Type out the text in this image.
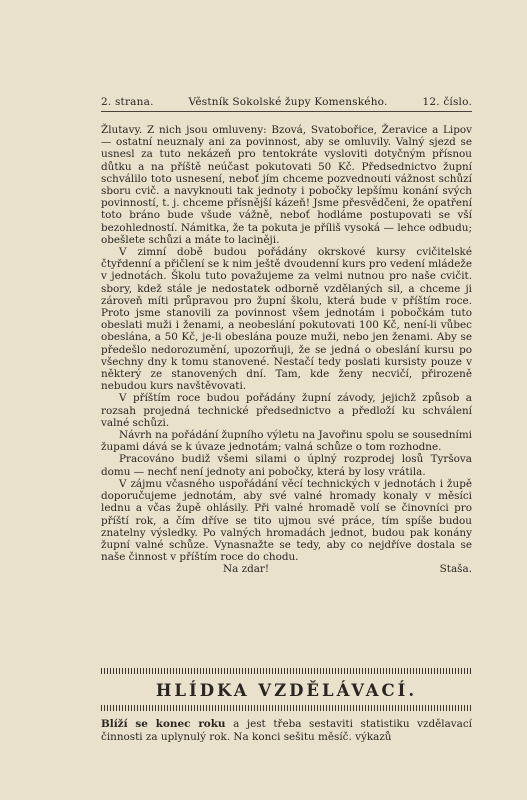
2. strana.	Věstník Sokolské župy Komenského.	12. číslo.

Žlutavy. Z nich jsou omluveny: Bzová, Svatobořice, Žeravice a Lipov — ostatní neuznaly ani za povinnost, aby se omluvily. Valný sjezd se usnesl za tuto nekázeň pro tentokráte vysloviti dotyčným přísnou důtku a na příště neúčast pokutovati 50 Kč. Předsednictvo župní schválilo toto usnesení, neboť jím chceme pozvednouti vážnost schůzí sboru cvič. a navyknouti tak jednoty i pobočky lepšímu konání svých povinností, t. j. chceme přísnější kázeň! Jsme přesvědčeni, že opatření toto bráno bude všude vážně, neboť hodláme postupovati se vší bezohledností. Námitka, že ta pokuta je příliš vysoká — lehce odbudu; obešlete schůzi a máte to laciněji.

V zimní době budou pořádány okrskové kursy cvičitelské čtyřdenní a přičlení se k nim ještě dvoudenní kurs pro vedení mládeže v jednotách. Školu tuto považujeme za velmi nutnou pro naše cvičit. sbory, kdež stále je nedostatek odborně vzdělaných sil, a chceme ji zároveň míti průpravou pro župní školu, která bude v příštím roce. Proto jsme stanovili za povinnost všem jednotám i pobočkám tuto obeslati muži i ženami, a neobeslání pokutovati 100 Kč, není-li vůbec obeslána, a 50 Kč, je-li obeslána pouze muži, nebo jen ženami. Aby se předešlo nedorozumění, upozorňuji, že se jedná o obeslání kursu po všechny dny k tomu stanovené. Nestačí tedy poslati kursisty pouze v některý ze stanovených dní. Tam, kde ženy necvičí, přirozeně nebudou kurs navštěvovati.

V příštím roce budou pořádány župní závody, jejichž způsob a rozsah projedná technické předsednictvo a předloží ku schválení valné schůzi.

Návrh na pořádání župního výletu na Javořinu spolu se sousedními župami dává se k úvaze jednotám; valná schůze o tom rozhodne.

Pracováno budiž všemi silami o úplný rozprodej losů Tyršova domu — nechť není jednoty ani pobočky, která by losy vrátila.

V zájmu včasného uspořádání věcí technických v jednotách i župě doporučujeme jednotám, aby své valné hromady konaly v měsíci lednu a včas župě ohlásily. Při valné hromadě volí se činovníci pro příští rok, a čím dříve se tito ujmou své práce, tím spíše budou znatelny výsledky. Po valných hromadách jednot, budou pak konány župní valné schůze. Vynasnažte se tedy, aby co nejdříve dostala se naše činnost v příštím roce do chodu.

Na zdar!	Staša.
HLÍDKA VZDĚLÁVACÍ.
Blíží se konec roku a jest třeba sestaviti statistiku vzdělavací činnosti za uplynulý rok. Na konci sešitu měsíč. výkazů
